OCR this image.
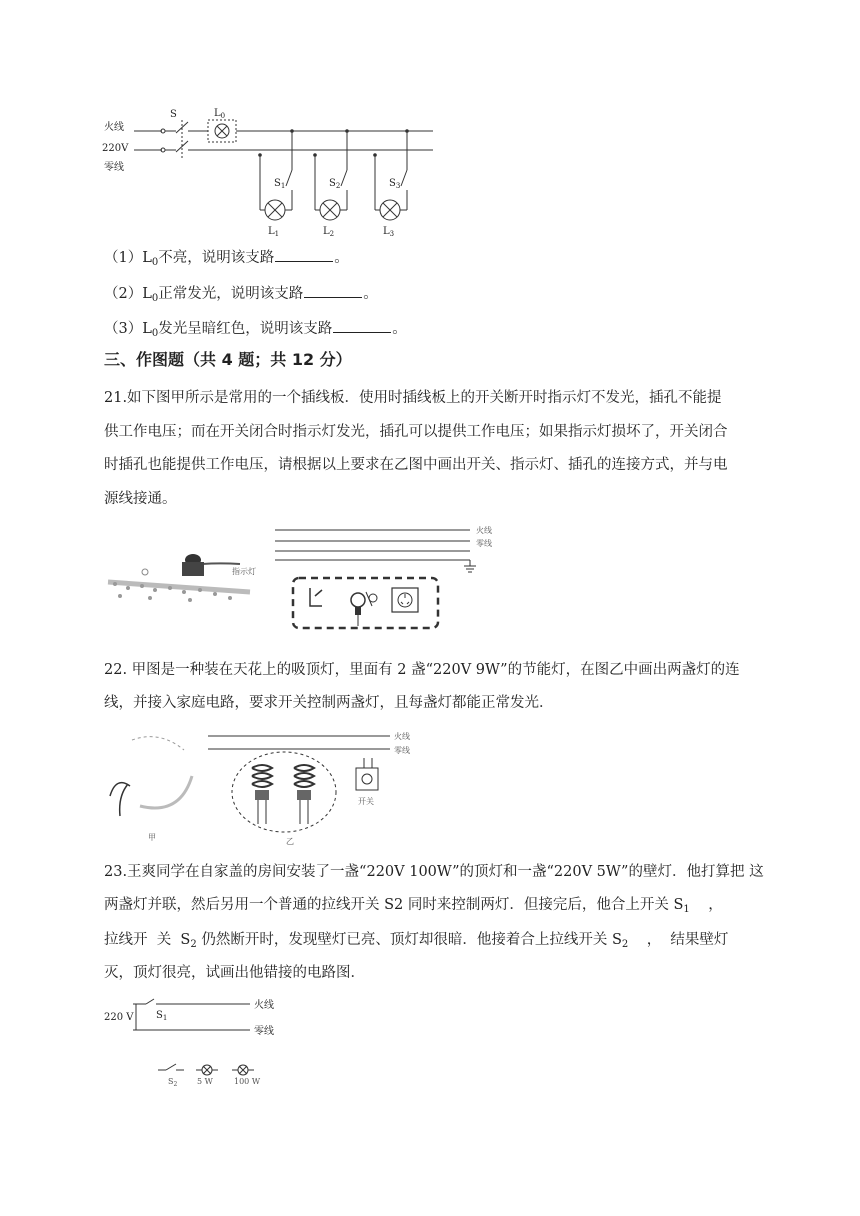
火线
220V
零线
S	$L_0$
$S_1$
$L_1$
$S_2$
$L_2$
$S_3$
$L_3$
$(1)L_0$不亮，说明该支路	。
$(2)L_0$正常发光，说明该支路	。
$(3)L_0$发光呈暗红色，说明该支路	。
三、作图题（共 4 题；共 12 分）
21.如下图甲所示是常用的一个插线板．使用时插线板上的开关断开时指示灯不发光，插孔不能提
供工作电压；而在开关闭合时指示灯发光，插孔可以提供工作电压；如果指示灯损坏了，开关闭合
时插孔也能提供工作电压，请根据以上要求在乙图中画出开关、指示灯、插孔的连接方式，并与电
源线接通。
指示灯
火线
零线
22. 甲图是一种装在天花上的吸顶灯，里面有 2 盏“220V 9W”的节能灯，在图乙中画出两盏灯的连
线，并接入家庭电路，要求开关控制两盏灯，且每盏灯都能正常发光．
甲
火线
零线
乙
开关
23.王爽同学在自家盖的房间安装了一盏“220V 100W”的顶灯和一盏“220V 5W”的壁灯．他打算把 这
两盏灯并联，然后另用一个普通的拉线开关 S2 同时来控制两灯．但接完后，他合上开关 $S_1$    ，
拉线开  关  $S_2$ 仍然断开时，发现壁灯已亮、顶灯却很暗．他接着合上拉线开关 $S_2$    ，  结果壁灯
灭，顶灯很亮，试画出他错接的电路图．
220 V $S_1$
火线
零线
$S_2$ 5 W	100 W
